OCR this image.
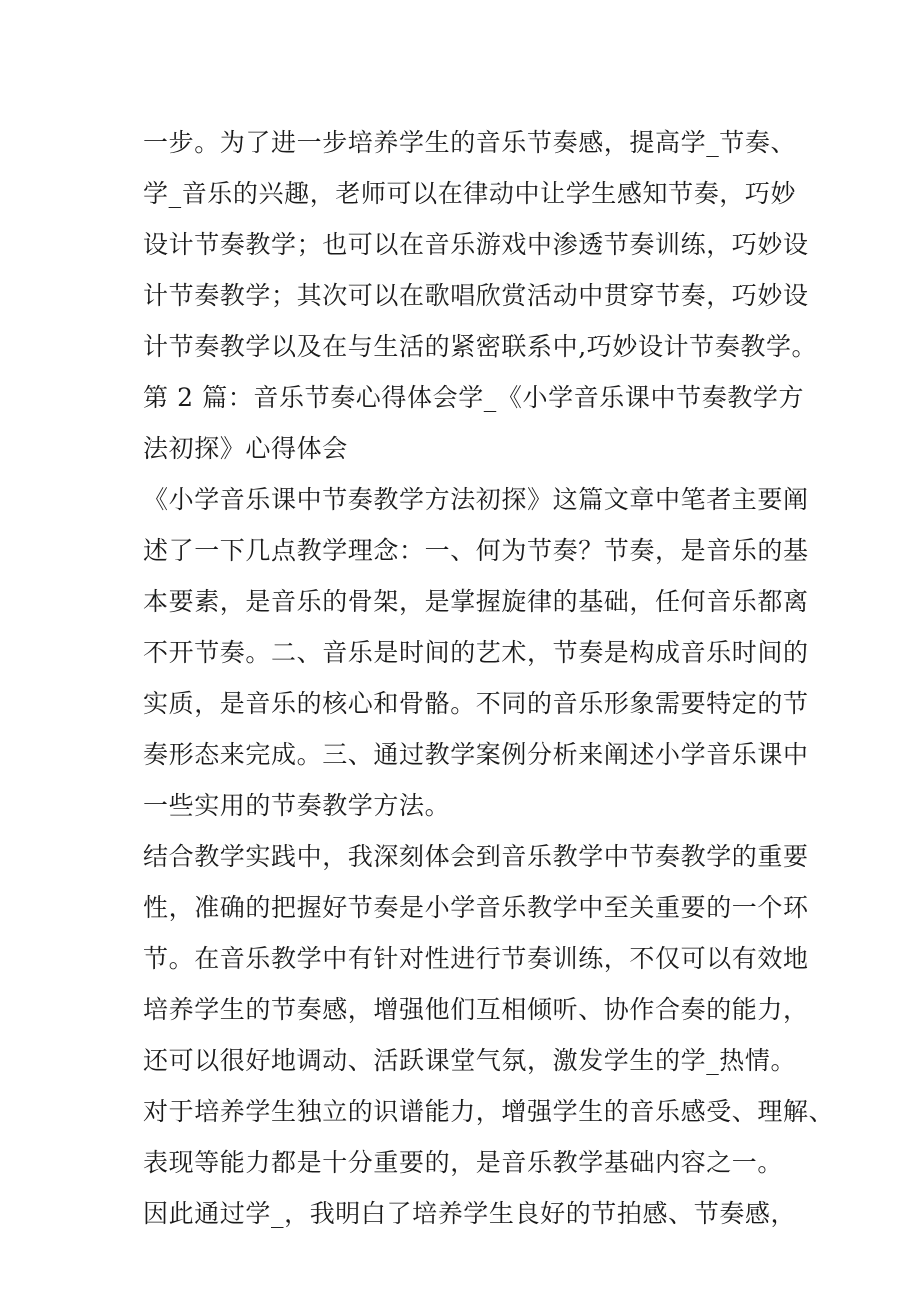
一步。为了进一步培养学生的音乐节奏感，提高学_节奏、
学_音乐的兴趣，老师可以在律动中让学生感知节奏，巧妙
设计节奏教学；也可以在音乐游戏中渗透节奏训练，巧妙设
计节奏教学；其次可以在歌唱欣赏活动中贯穿节奏，巧妙设
计节奏教学以及在与生活的紧密联系中,巧妙设计节奏教学。
第 2 篇：音乐节奏心得体会学_《小学音乐课中节奏教学方
法初探》心得体会
《小学音乐课中节奏教学方法初探》这篇文章中笔者主要阐
述了一下几点教学理念：一、何为节奏？节奏，是音乐的基
本要素，是音乐的骨架，是掌握旋律的基础，任何音乐都离
不开节奏。二、音乐是时间的艺术，节奏是构成音乐时间的
实质，是音乐的核心和骨骼。不同的音乐形象需要特定的节
奏形态来完成。三、通过教学案例分析来阐述小学音乐课中
一些实用的节奏教学方法。
结合教学实践中，我深刻体会到音乐教学中节奏教学的重要
性，准确的把握好节奏是小学音乐教学中至关重要的一个环
节。在音乐教学中有针对性进行节奏训练，不仅可以有效地
培养学生的节奏感，增强他们互相倾听、协作合奏的能力，
还可以很好地调动、活跃课堂气氛，激发学生的学_热情。
对于培养学生独立的识谱能力，增强学生的音乐感受、理解、
表现等能力都是十分重要的，是音乐教学基础内容之一。
因此通过学_，我明白了培养学生良好的节拍感、节奏感，
